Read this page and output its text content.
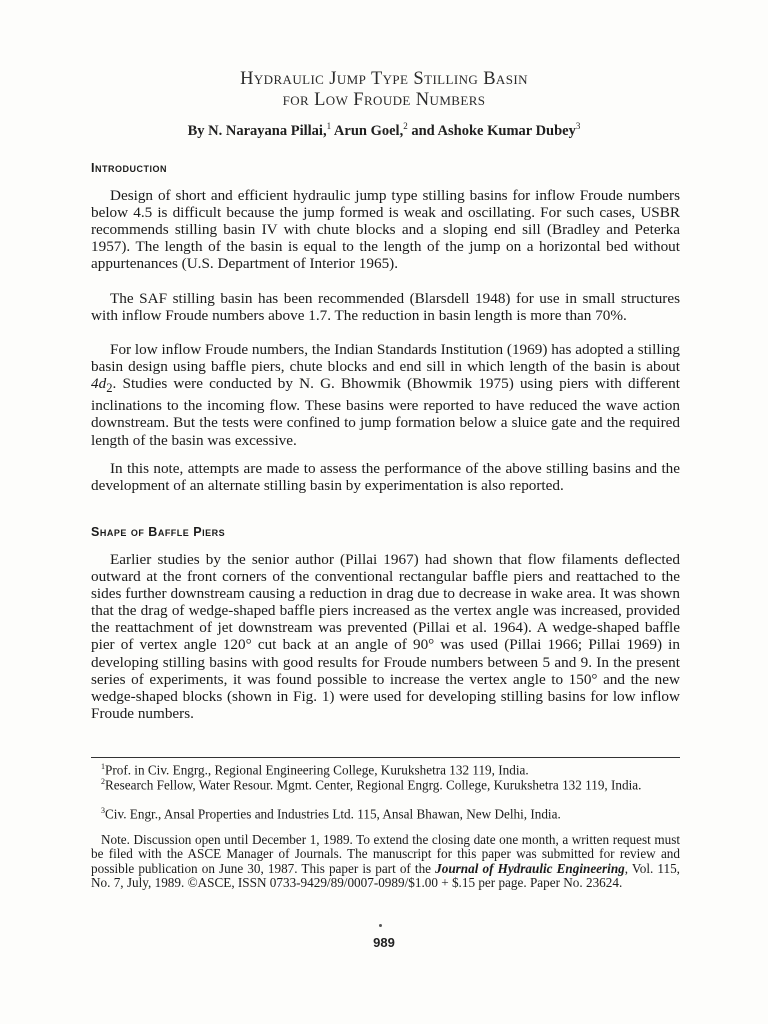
Hydraulic Jump Type Stilling Basin
for Low Froude Numbers
By N. Narayana Pillai,$^1$ Arun Goel,$^2$ and Ashoke Kumar Dubey$^3$
Introduction

Design of short and efficient hydraulic jump type stilling basins for inflow Froude numbers below 4.5 is difficult because the jump formed is weak and oscillating. For such cases, USBR recommends stilling basin IV with chute blocks and a sloping end sill (Bradley and Peterka 1957). The length of the basin is equal to the length of the jump on a horizontal bed without appurtenances (U.S. Department of Interior 1965).

The SAF stilling basin has been recommended (Blarsdell 1948) for use in small structures with inflow Froude numbers above 1.7. The reduction in basin length is more than 70%.

For low inflow Froude numbers, the Indian Standards Institution (1969) has adopted a stilling basin design using baffle piers, chute blocks and end sill in which length of the basin is about $4d_2$. Studies were conducted by N. G. Bhowmik (Bhowmik 1975) using piers with different inclinations to the incoming flow. These basins were reported to have reduced the wave action downstream. But the tests were confined to jump formation below a sluice gate and the required length of the basin was excessive.

In this note, attempts are made to assess the performance of the above stilling basins and the development of an alternate stilling basin by experimentation is also reported.

Shape of Baffle Piers

Earlier studies by the senior author (Pillai 1967) had shown that flow filaments deflected outward at the front corners of the conventional rectangular baffle piers and reattached to the sides further downstream causing a reduction in drag due to decrease in wake area. It was shown that the drag of wedge-shaped baffle piers increased as the vertex angle was increased, provided the reattachment of jet downstream was prevented (Pillai et al. 1964). A wedge-shaped baffle pier of vertex angle 120° cut back at an angle of 90° was used (Pillai 1966; Pillai 1969) in developing stilling basins with good results for Froude numbers between 5 and 9. In the present series of experiments, it was found possible to increase the vertex angle to 150° and the new wedge-shaped blocks (shown in Fig. 1) were used for developing stilling basins for low inflow Froude numbers.

$^1$Prof. in Civ. Engrg., Regional Engineering College, Kurukshetra 132 119, India.

$^2$Research Fellow, Water Resour. Mgmt. Center, Regional Engrg. College, Kurukshetra 132 119, India.

$^3$Civ. Engr., Ansal Properties and Industries Ltd. 115, Ansal Bhawan, New Delhi, India.

Note. Discussion open until December 1, 1989. To extend the closing date one month, a written request must be filed with the ASCE Manager of Journals. The manuscript for this paper was submitted for review and possible publication on June 30, 1987. This paper is part of the Journal of Hydraulic Engineering, Vol. 115, No. 7, July, 1989. ©ASCE, ISSN 0733-9429/89/0007-0989/$1.00 + $.15 per page. Paper No. 23624.

989
